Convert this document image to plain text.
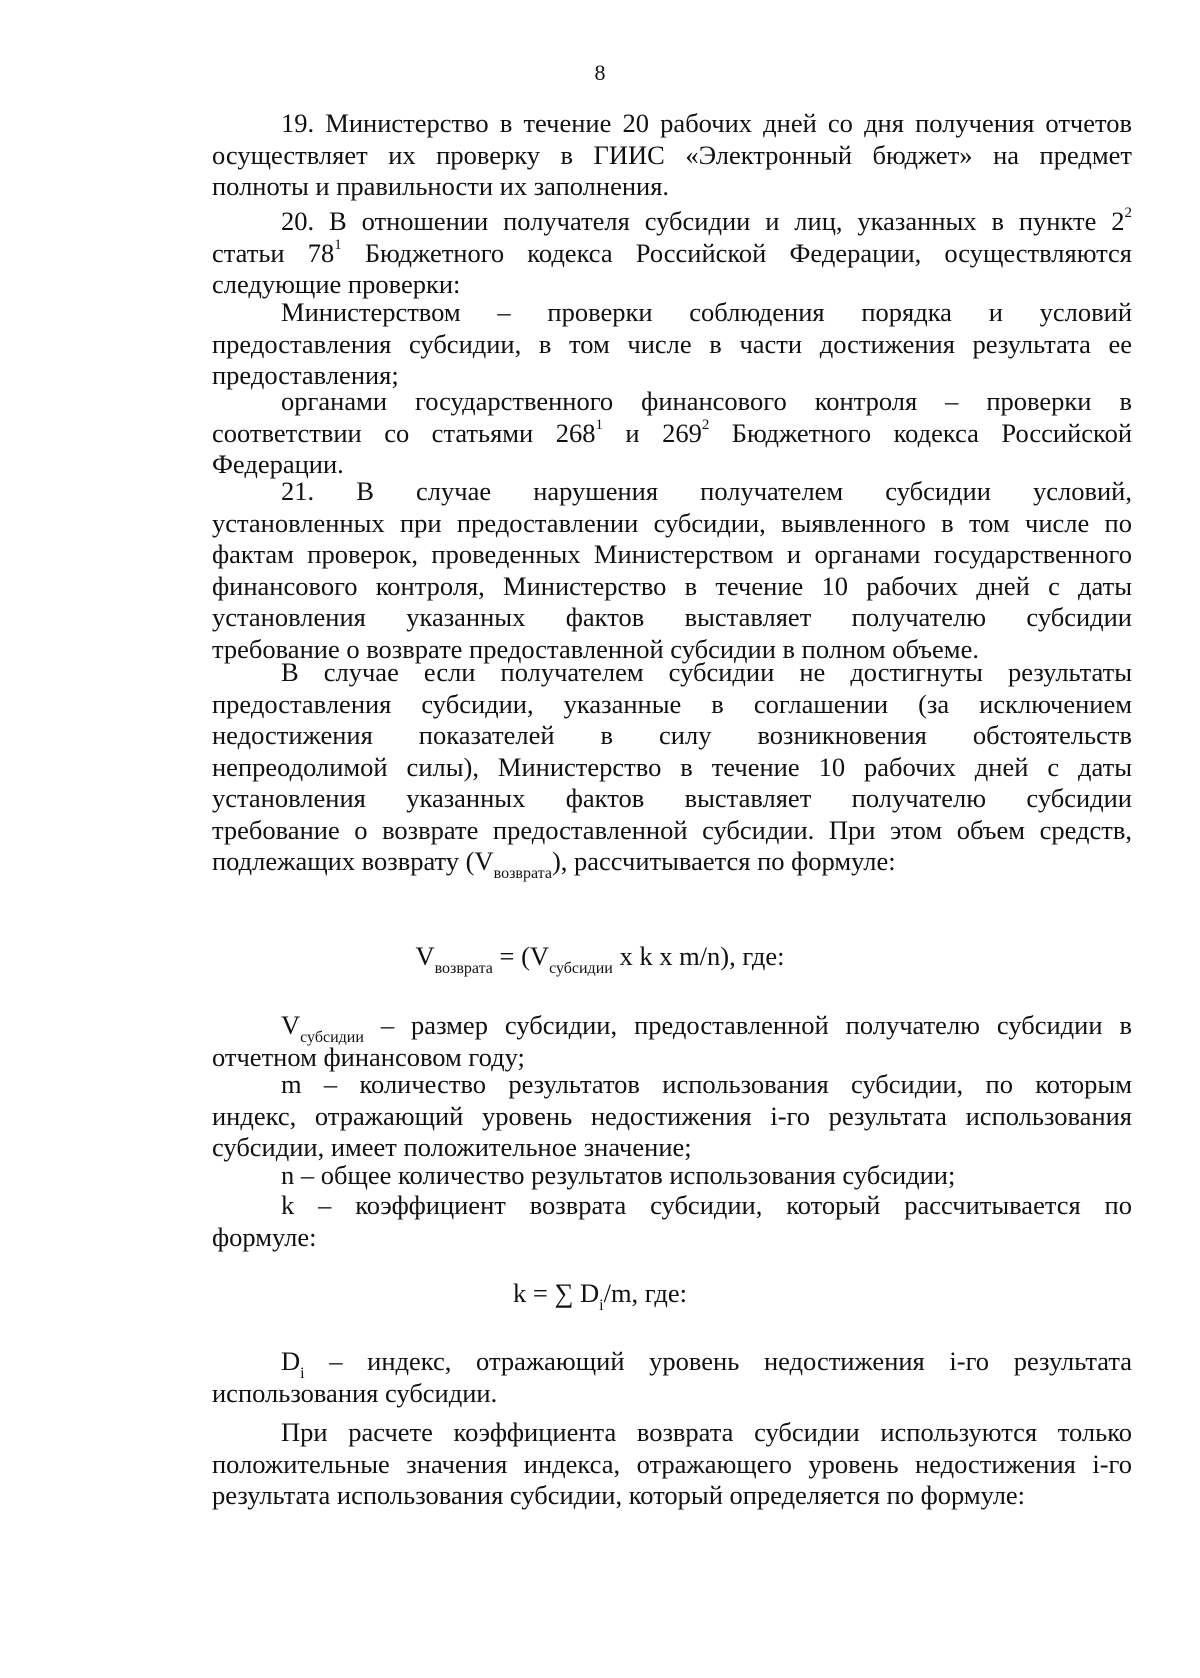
8
19. Министерство в течение 20 рабочих дней со дня получения отчетов
осуществляет их проверку в ГИИС «Электронный бюджет» на предмет
полноты и правильности их заполнения.
20. В отношении получателя субсидии и лиц, указанных в пункте $2^2$
статьи $78^1$ Бюджетного кодекса Российской Федерации, осуществляются
следующие проверки:
Министерством – проверки соблюдения порядка и условий
предоставления субсидии, в том числе в части достижения результата ее
предоставления;
органами государственного финансового контроля – проверки в
соответствии со статьями $268^1$ и $269^2$ Бюджетного кодекса Российской
Федерации.
21. В случае нарушения получателем субсидии условий,
установленных при предоставлении субсидии, выявленного в том числе по
фактам проверок, проведенных Министерством и органами государственного
финансового контроля, Министерство в течение 10 рабочих дней с даты
установления указанных фактов выставляет получателю субсидии
требование о возврате предоставленной субсидии в полном объеме.
В случае если получателем субсидии не достигнуты результаты
предоставления субсидии, указанные в соглашении (за исключением
недостижения показателей в силу возникновения обстоятельств
непреодолимой силы), Министерство в течение 10 рабочих дней с даты
установления указанных фактов выставляет получателю субсидии
требование о возврате предоставленной субсидии. При этом объем средств,
подлежащих возврату $(V_{возврата})$, рассчитывается по формуле:
$V_{возврата} = (V_{субсидии}$ x k x m/n), где:
$V_{субсидии}$ – размер субсидии, предоставленной получателю субсидии в
отчетном финансовом году;
m – количество результатов использования субсидии, по которым
индекс, отражающий уровень недостижения i-го результата использования
субсидии, имеет положительное значение;
n – общее количество результатов использования субсидии;
k – коэффициент возврата субсидии, который рассчитывается по
формуле:
k = ∑ $D_i/m$, где:
$D_i$ – индекс, отражающий уровень недостижения i-го результата
использования субсидии.
При расчете коэффициента возврата субсидии используются только
положительные значения индекса, отражающего уровень недостижения i-го
результата использования субсидии, который определяется по формуле:
